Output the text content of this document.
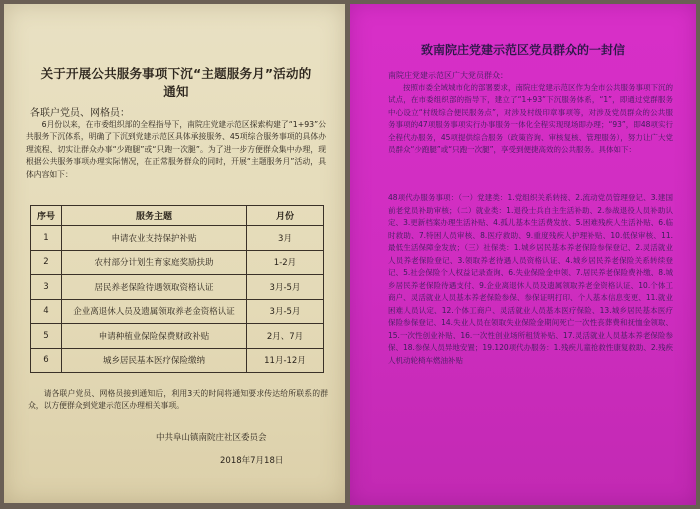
关于开展公共服务事项下沉“主题服务月”活动的
通知
各联户党员、网格员：

6月份以来，在市委组织部的全程指导下，南院庄党建示范区探索构建了“1+93”公共服务下沉体系，明确了下沉到党建示范区具体承接服务、45项综合服务事项的具体办理流程、切实让群众办事“少跑腿”或“只跑一次腿”。为了进一步方便群众集中办理，现根据公共服务事项办理实际情况，在正常服务群众的同时，开展“主题服务月”活动，具体内容如下：

序号	服务主题	月份
1	申请农业支持保护补贴	3月
2	农村部分计划生育家庭奖励扶助	1-2月
3	居民养老保险待遇领取资格认证	3月-5月
4	企业离退休人员及遗属领取养老金资格认证	3月-5月
5	申请种植业保险保费财政补贴	2月、7月
6	城乡居民基本医疗保险缴纳	11月-12月

请各联户党员、网格员接到通知后，利用3天的时间将通知要求传达给所联系的群众，以方便群众到党建示范区办理相关事项。

中共阜山镇南院庄社区委员会
2018年7月18日
致南院庄党建示范区党员群众的一封信
南院庄党建示范区广大党员群众：

按照市委全域城市化的部署要求，南院庄党建示范区作为全市公共服务事项下沉的试点，在市委组织部的指导下，建立了“1+93”下沉服务体系，“1”，即通过党群服务中心设立“村级综合便民服务点”，对涉及村级印章事项等，对涉及党员群众的公共服务事项的47项服务事项实行办事服务一体化全程实现现场即办理；“93”，即48项实行全程代办服务，45项提供综合服务（政策咨询、审核复核、管理服务），努力让广大党员群众“少跑腿”或“只跑一次腿”，享受到便捷高效的公共服务。具体如下：

48项代办服务事项：（一）党建类：1.党组织关系转接、2.流动党员管理登记、3.建国前老党员补助审核；（二）就业类：1.退役士兵自主生活补助、2.参战退役人员补助认定、3.更新档案办理生活补贴、4.孤儿基本生活费发放、5.困难残疾人生活补贴、6.临时救助、7.特困人员审核、8.医疗救助、9.重度残疾人护理补贴、10.低保审核、11.最低生活保障金发放；（三）社保类：1.城乡居民基本养老保险参保登记、2.灵活就业人员养老保险登记、3.领取养老待遇人员资格认证、4.城乡居民养老保险关系转续登记、5.社会保险个人权益记录查询、6.失业保险金申领、7.居民养老保险费补缴、8.城乡居民养老保险待遇支付、9.企业离退休人员及遗属领取养老金资格认证、10.个体工商户、灵活就业人员基本养老保险参保、参保证明打印、个人基本信息变更、11.就业困难人员认定、12.个体工商户、灵活就业人员基本医疗保险、13.城乡居民基本医疗保险参保登记、14.失业人员在领取失业保险金期间死亡一次性丧葬费和抚恤金领取、15.一次性创业补贴、16.一次性创业场所租赁补贴、17.灵活就业人员基本养老保险参保、18.参保人员异地安置；19.120项代办服务：1.残疾儿童抢救性康复救助、2.残疾人机动轮椅车燃油补贴
